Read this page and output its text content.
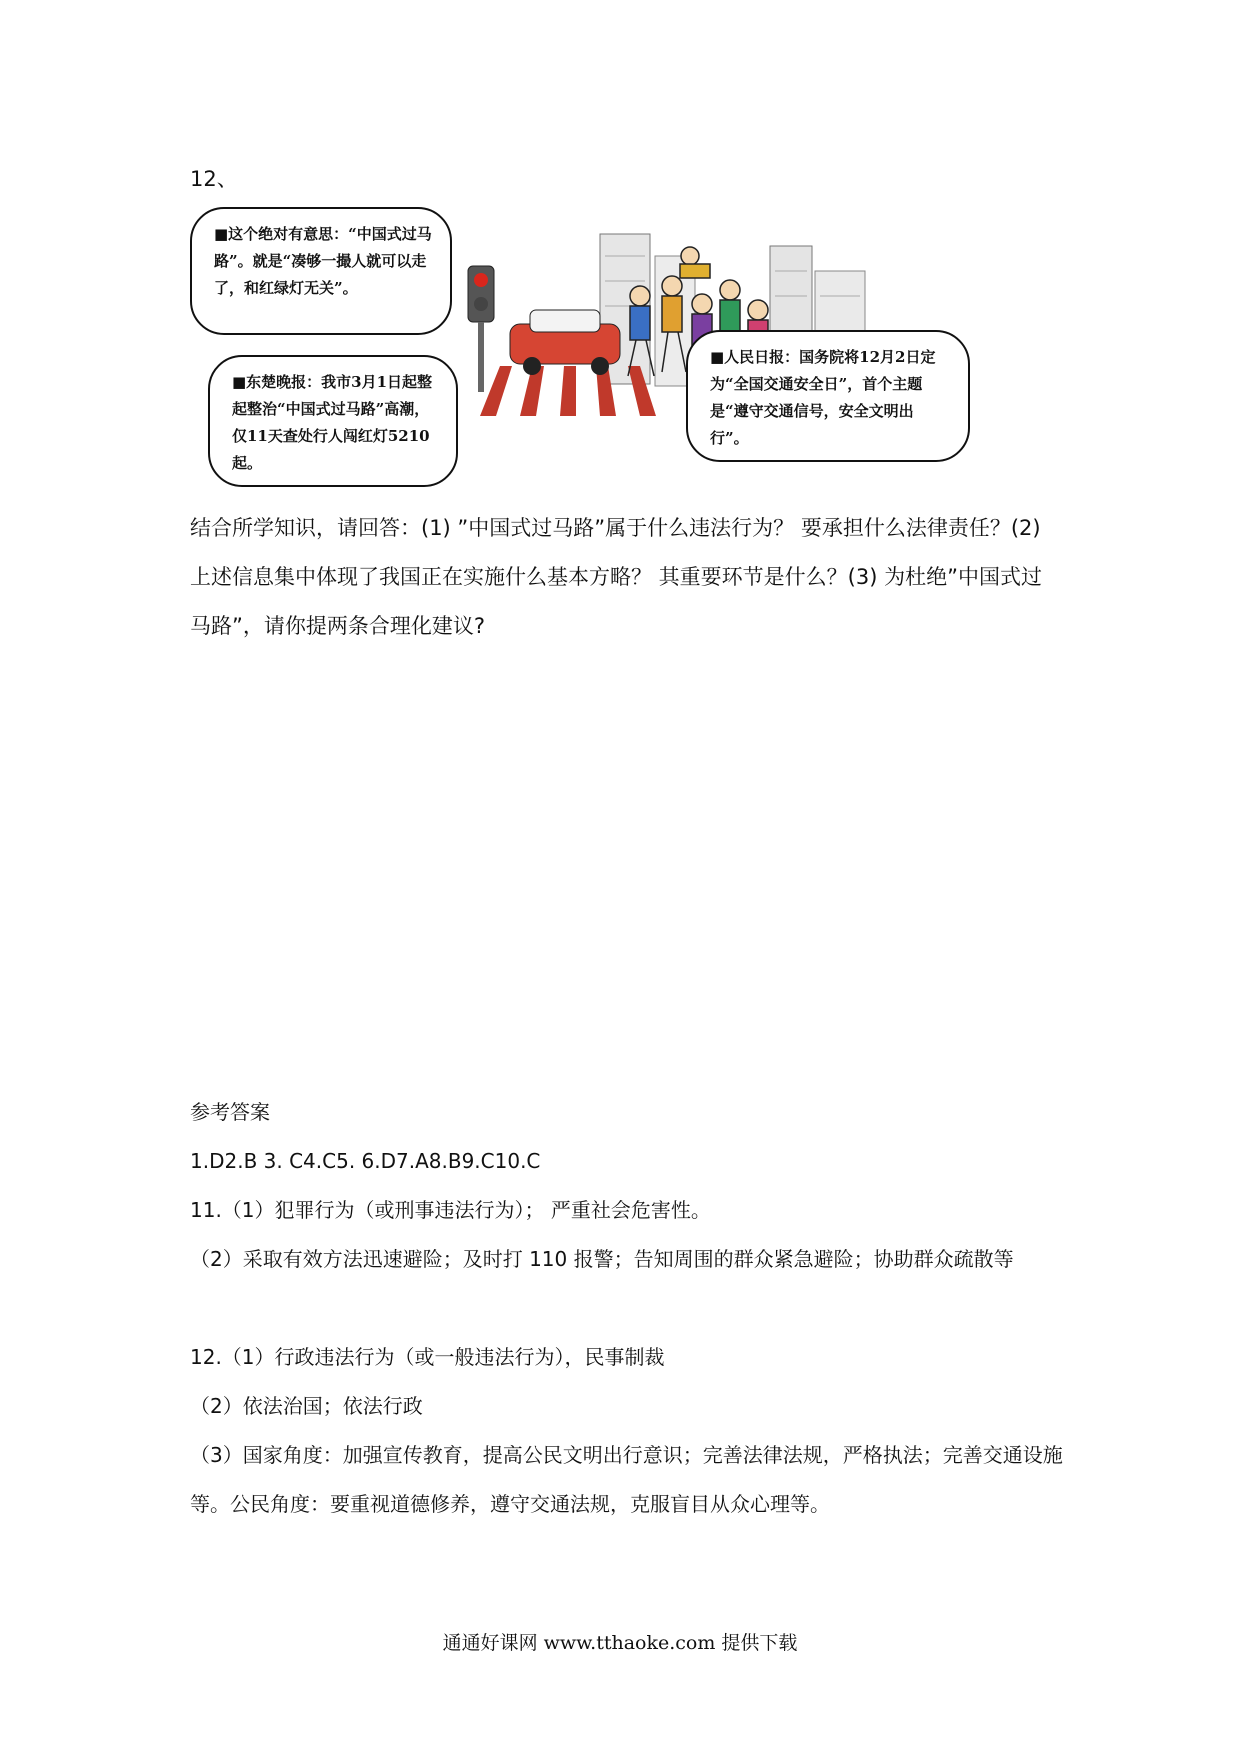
12、
■这个绝对有意思：“中国式过马路”。就是“凑够一撮人就可以走了，和红绿灯无关”。
■东楚晚报：我市3月1日起整起整治“中国式过马路”高潮，仅11天查处行人闯红灯5210起。
■人民日报：国务院将12月2日定为“全国交通安全日”，首个主题是“遵守交通信号，安全文明出行”。
结合所学知识，请回答：(1) ”中国式过马路”属于什么违法行为？ 要承担什么法律责任？(2) 上述信息集中体现了我国正在实施什么基本方略？ 其重要环节是什么？(3) 为杜绝”中国式过马路”，请你提两条合理化建议?
参考答案
1.D2.B 3. C4.C5. 6.D7.A8.B9.C10.C
11.（1）犯罪行为（或刑事违法行为）； 严重社会危害性。
（2）采取有效方法迅速避险；及时打 110 报警；告知周围的群众紧急避险；协助群众疏散等
12.（1）行政违法行为（或一般违法行为），民事制裁
（2）依法治国；依法行政
（3）国家角度：加强宣传教育，提高公民文明出行意识；完善法律法规，严格执法；完善交通设施等。公民角度：要重视道德修养，遵守交通法规，克服盲目从众心理等。
通通好课网 www.tthaoke.com 提供下载
